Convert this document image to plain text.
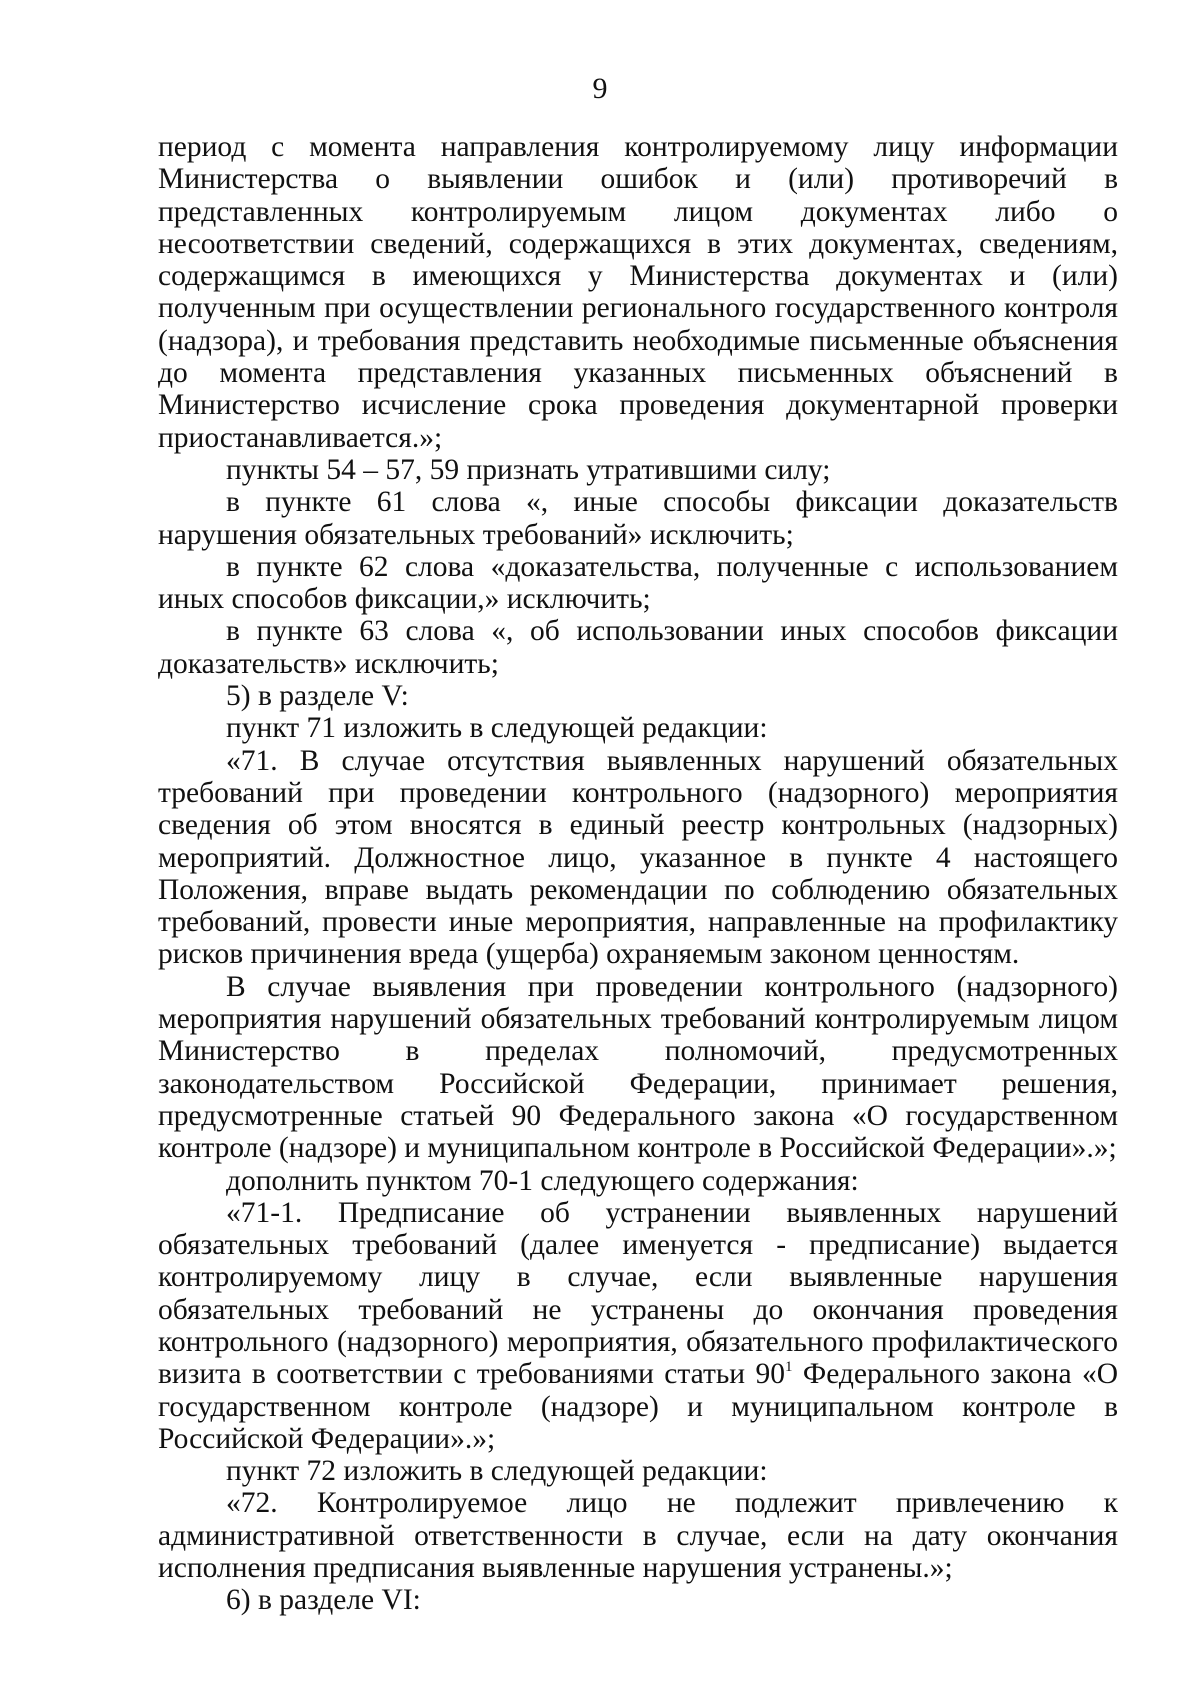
9

период с момента направления контролируемому лицу информации Министерства о выявлении ошибок и (или) противоречий в представленных контролируемым лицом документах либо о несоответствии сведений, содержащихся в этих документах, сведениям, содержащимся в имеющихся у Министерства документах и (или) полученным при осуществлении регионального государственного контроля (надзора), и требования представить необходимые письменные объяснения до момента представления указанных письменных объяснений в Министерство исчисление срока проведения документарной проверки приостанавливается.»;

пункты 54 – 57, 59 признать утратившими силу;

в пункте 61 слова «, иные способы фиксации доказательств нарушения обязательных требований» исключить;

в пункте 62 слова «доказательства, полученные с использованием иных способов фиксации,» исключить;

в пункте 63 слова «, об использовании иных способов фиксации доказательств» исключить;

5) в разделе V:

пункт 71 изложить в следующей редакции:

«71. В случае отсутствия выявленных нарушений обязательных требований при проведении контрольного (надзорного) мероприятия сведения об этом вносятся в единый реестр контрольных (надзорных) мероприятий. Должностное лицо, указанное в пункте 4 настоящего Положения, вправе выдать рекомендации по соблюдению обязательных требований, провести иные мероприятия, направленные на профилактику рисков причинения вреда (ущерба) охраняемым законом ценностям.

В случае выявления при проведении контрольного (надзорного) мероприятия нарушений обязательных требований контролируемым лицом Министерство в пределах полномочий, предусмотренных законодательством Российской Федерации, принимает решения, предусмотренные статьей 90 Федерального закона «О государственном контроле (надзоре) и муниципальном контроле в Российской Федерации».»;

дополнить пунктом 70-1 следующего содержания:

«71-1. Предписание об устранении выявленных нарушений обязательных требований (далее именуется - предписание) выдается контролируемому лицу в случае, если выявленные нарушения обязательных требований не устранены до окончания проведения контрольного (надзорного) мероприятия, обязательного профилактического визита в соответствии с требованиями статьи $90^1$ Федерального закона «О государственном контроле (надзоре) и муниципальном контроле в Российской Федерации».»;

пункт 72 изложить в следующей редакции:

«72. Контролируемое лицо не подлежит привлечению к административной ответственности в случае, если на дату окончания исполнения предписания выявленные нарушения устранены.»;

6) в разделе VI:
